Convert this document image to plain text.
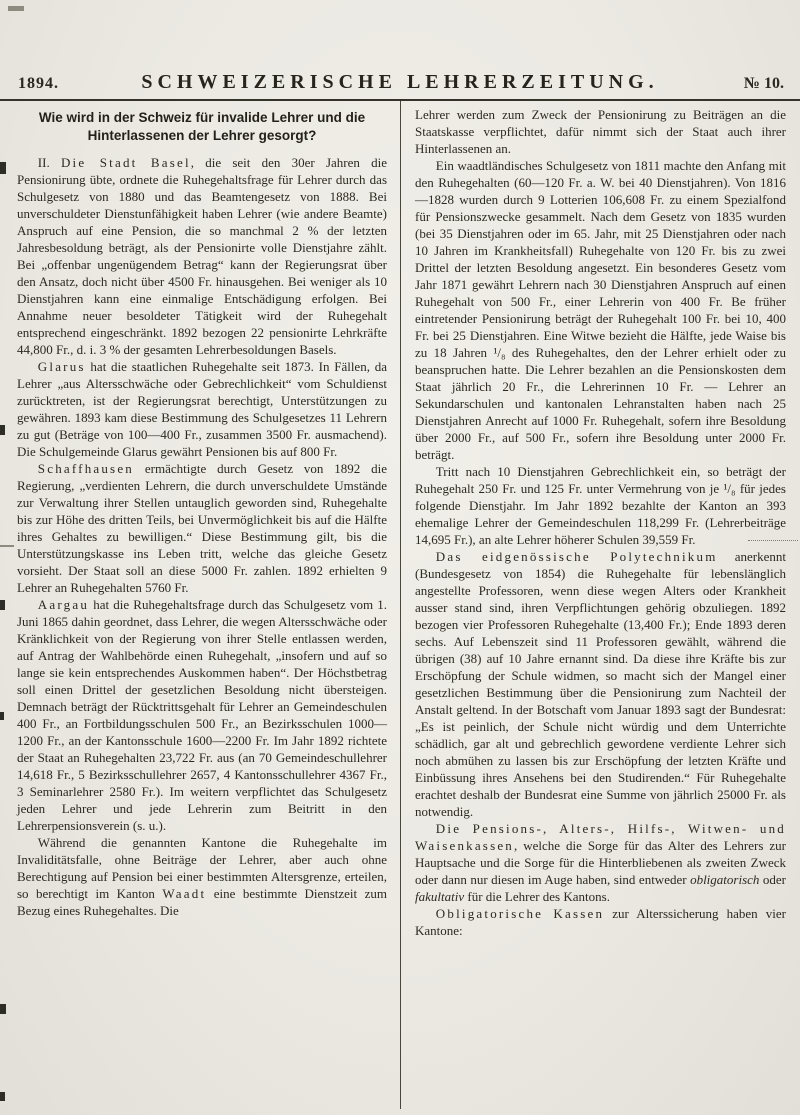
1894.	SCHWEIZERISCHE LEHRERZEITUNG.	№ 10.
Wie wird in der Schweiz für invalide Lehrer und die
Hinterlassenen der Lehrer gesorgt?

II. Die Stadt Basel, die seit den 30er Jahren die Pensionirung übte, ordnete die Ruhegehaltsfrage für Lehrer durch das Schulgesetz von 1880 und das Beamtengesetz von 1888. Bei unverschuldeter Dienstunfähigkeit haben Lehrer (wie andere Beamte) Anspruch auf eine Pension, die so manchmal 2 % der letzten Jahresbesoldung beträgt, als der Pensionirte volle Dienstjahre zählt. Bei „offenbar ungenügendem Betrag“ kann der Regierungsrat über den Ansatz, doch nicht über 4500 Fr. hinausgehen. Bei weniger als 10 Dienstjahren kann eine einmalige Entschädigung erfolgen. Bei Annahme neuer besoldeter Tätigkeit wird der Ruhegehalt entsprechend eingeschränkt. 1892 bezogen 22 pensionirte Lehrkräfte 44,800 Fr., d. i. 3 % der gesamten Lehrerbesoldungen Basels.

Glarus hat die staatlichen Ruhegehalte seit 1873. In Fällen, da Lehrer „aus Altersschwäche oder Gebrechlichkeit“ vom Schuldienst zurücktreten, ist der Regierungsrat berechtigt, Unterstützungen zu gewähren. 1893 kam diese Bestimmung des Schulgesetzes 11 Lehrern zu gut (Beträge von 100—400 Fr., zusammen 3500 Fr. ausmachend). Die Schulgemeinde Glarus gewährt Pensionen bis auf 800 Fr.

Schaffhausen ermächtigte durch Gesetz von 1892 die Regierung, „verdienten Lehrern, die durch unverschuldete Umstände zur Verwaltung ihrer Stellen untauglich geworden sind, Ruhegehalte bis zur Höhe des dritten Teils, bei Unvermöglichkeit bis auf die Hälfte ihres Gehaltes zu bewilligen.“ Diese Bestimmung gilt, bis die Unterstützungskasse ins Leben tritt, welche das gleiche Gesetz vorsieht. Der Staat soll an diese 5000 Fr. zahlen. 1892 erhielten 9 Lehrer an Ruhegehalten 5760 Fr.

Aargau hat die Ruhegehaltsfrage durch das Schulgesetz vom 1. Juni 1865 dahin geordnet, dass Lehrer, die wegen Altersschwäche oder Kränklichkeit von der Regierung von ihrer Stelle entlassen werden, auf Antrag der Wahlbehörde einen Ruhegehalt, „insofern und auf so lange sie kein entsprechendes Auskommen haben“. Der Höchstbetrag soll einen Drittel der gesetzlichen Besoldung nicht übersteigen. Demnach beträgt der Rücktrittsgehalt für Lehrer an Gemeindeschulen 400 Fr., an Fortbildungsschulen 500 Fr., an Bezirksschulen 1000—1200 Fr., an der Kantonsschule 1600—2200 Fr. Im Jahr 1892 richtete der Staat an Ruhegehalten 23,722 Fr. aus (an 70 Gemeindeschullehrer 14,618 Fr., 5 Bezirksschullehrer 2657, 4 Kantonsschullehrer 4367 Fr., 3 Seminarlehrer 2580 Fr.). Im weitern verpflichtet das Schulgesetz jeden Lehrer und jede Lehrerin zum Beitritt in den Lehrerpensionsverein (s. u.).

Während die genannten Kantone die Ruhegehalte im Invaliditätsfalle, ohne Beiträge der Lehrer, aber auch ohne Berechtigung auf Pension bei einer bestimmten Altersgrenze, erteilen, so berechtigt im Kanton Waadt eine bestimmte Dienstzeit zum Bezug eines Ruhegehaltes. Die

Lehrer werden zum Zweck der Pensionirung zu Beiträgen an die Staatskasse verpflichtet, dafür nimmt sich der Staat auch ihrer Hinterlassenen an.

Ein waadtländisches Schulgesetz von 1811 machte den Anfang mit den Ruhegehalten (60—120 Fr. a. W. bei 40 Dienstjahren). Von 1816—1828 wurden durch 9 Lotterien 106,608 Fr. zu einem Spezialfond für Pensionszwecke gesammelt. Nach dem Gesetz von 1835 wurden (bei 35 Dienstjahren oder im 65. Jahr, mit 25 Dienstjahren oder nach 10 Jahren im Krankheitsfall) Ruhegehalte von 120 Fr. bis zu zwei Drittel der letzten Besoldung angesetzt. Ein besonderes Gesetz vom Jahr 1871 gewährt Lehrern nach 30 Dienstjahren Anspruch auf einen Ruhegehalt von 500 Fr., einer Lehrerin von 400 Fr. Be früher eintretender Pensionirung beträgt der Ruhegehalt 100 Fr. bei 10, 400 Fr. bei 25 Dienstjahren. Eine Witwe bezieht die Hälfte, jede Waise bis zu 18 Jahren ¹/₈ des Ruhegehaltes, den der Lehrer erhielt oder zu beanspruchen hatte. Die Lehrer bezahlen an die Pensionskosten dem Staat jährlich 20 Fr., die Lehrerinnen 10 Fr. — Lehrer an Sekundarschulen und kantonalen Lehranstalten haben nach 25 Dienstjahren Anrecht auf 1000 Fr. Ruhegehalt, sofern ihre Besoldung über 2000 Fr., auf 500 Fr., sofern ihre Besoldung unter 2000 Fr. beträgt.

Tritt nach 10 Dienstjahren Gebrechlichkeit ein, so beträgt der Ruhegehalt 250 Fr. und 125 Fr. unter Vermehrung von je ¹/₈ für jedes folgende Dienstjahr. Im Jahr 1892 bezahlte der Kanton an 393 ehemalige Lehrer der Gemeindeschulen 118,299 Fr. (Lehrerbeiträge 14,695 Fr.), an alte Lehrer höherer Schulen 39,559 Fr.

Das eidgenössische Polytechnikum anerkennt (Bundesgesetz von 1854) die Ruhegehalte für lebenslänglich angestellte Professoren, wenn diese wegen Alters oder Krankheit ausser stand sind, ihren Verpflichtungen gehörig obzuliegen. 1892 bezogen vier Professoren Ruhegehalte (13,400 Fr.); Ende 1893 deren sechs. Auf Lebenszeit sind 11 Professoren gewählt, während die übrigen (38) auf 10 Jahre ernannt sind. Da diese ihre Kräfte bis zur Erschöpfung der Schule widmen, so macht sich der Mangel einer gesetzlichen Bestimmung über die Pensionirung zum Nachteil der Anstalt geltend. In der Botschaft vom Januar 1893 sagt der Bundesrat: „Es ist peinlich, der Schule nicht würdig und dem Unterrichte schädlich, gar alt und gebrechlich gewordene verdiente Lehrer sich noch abmühen zu lassen bis zur Erschöpfung der letzten Kräfte und Einbüssung ihres Ansehens bei den Studirenden.“ Für Ruhegehalte erachtet deshalb der Bundesrat eine Summe von jährlich 25000 Fr. als notwendig.

Die Pensions-, Alters-, Hilfs-, Witwen- und Waisenkassen, welche die Sorge für das Alter des Lehrers zur Hauptsache und die Sorge für die Hinterbliebenen als zweiten Zweck oder dann nur diesen im Auge haben, sind entweder obligatorisch oder fakultativ für die Lehrer des Kantons.

Obligatorische Kassen zur Alterssicherung haben vier Kantone:
